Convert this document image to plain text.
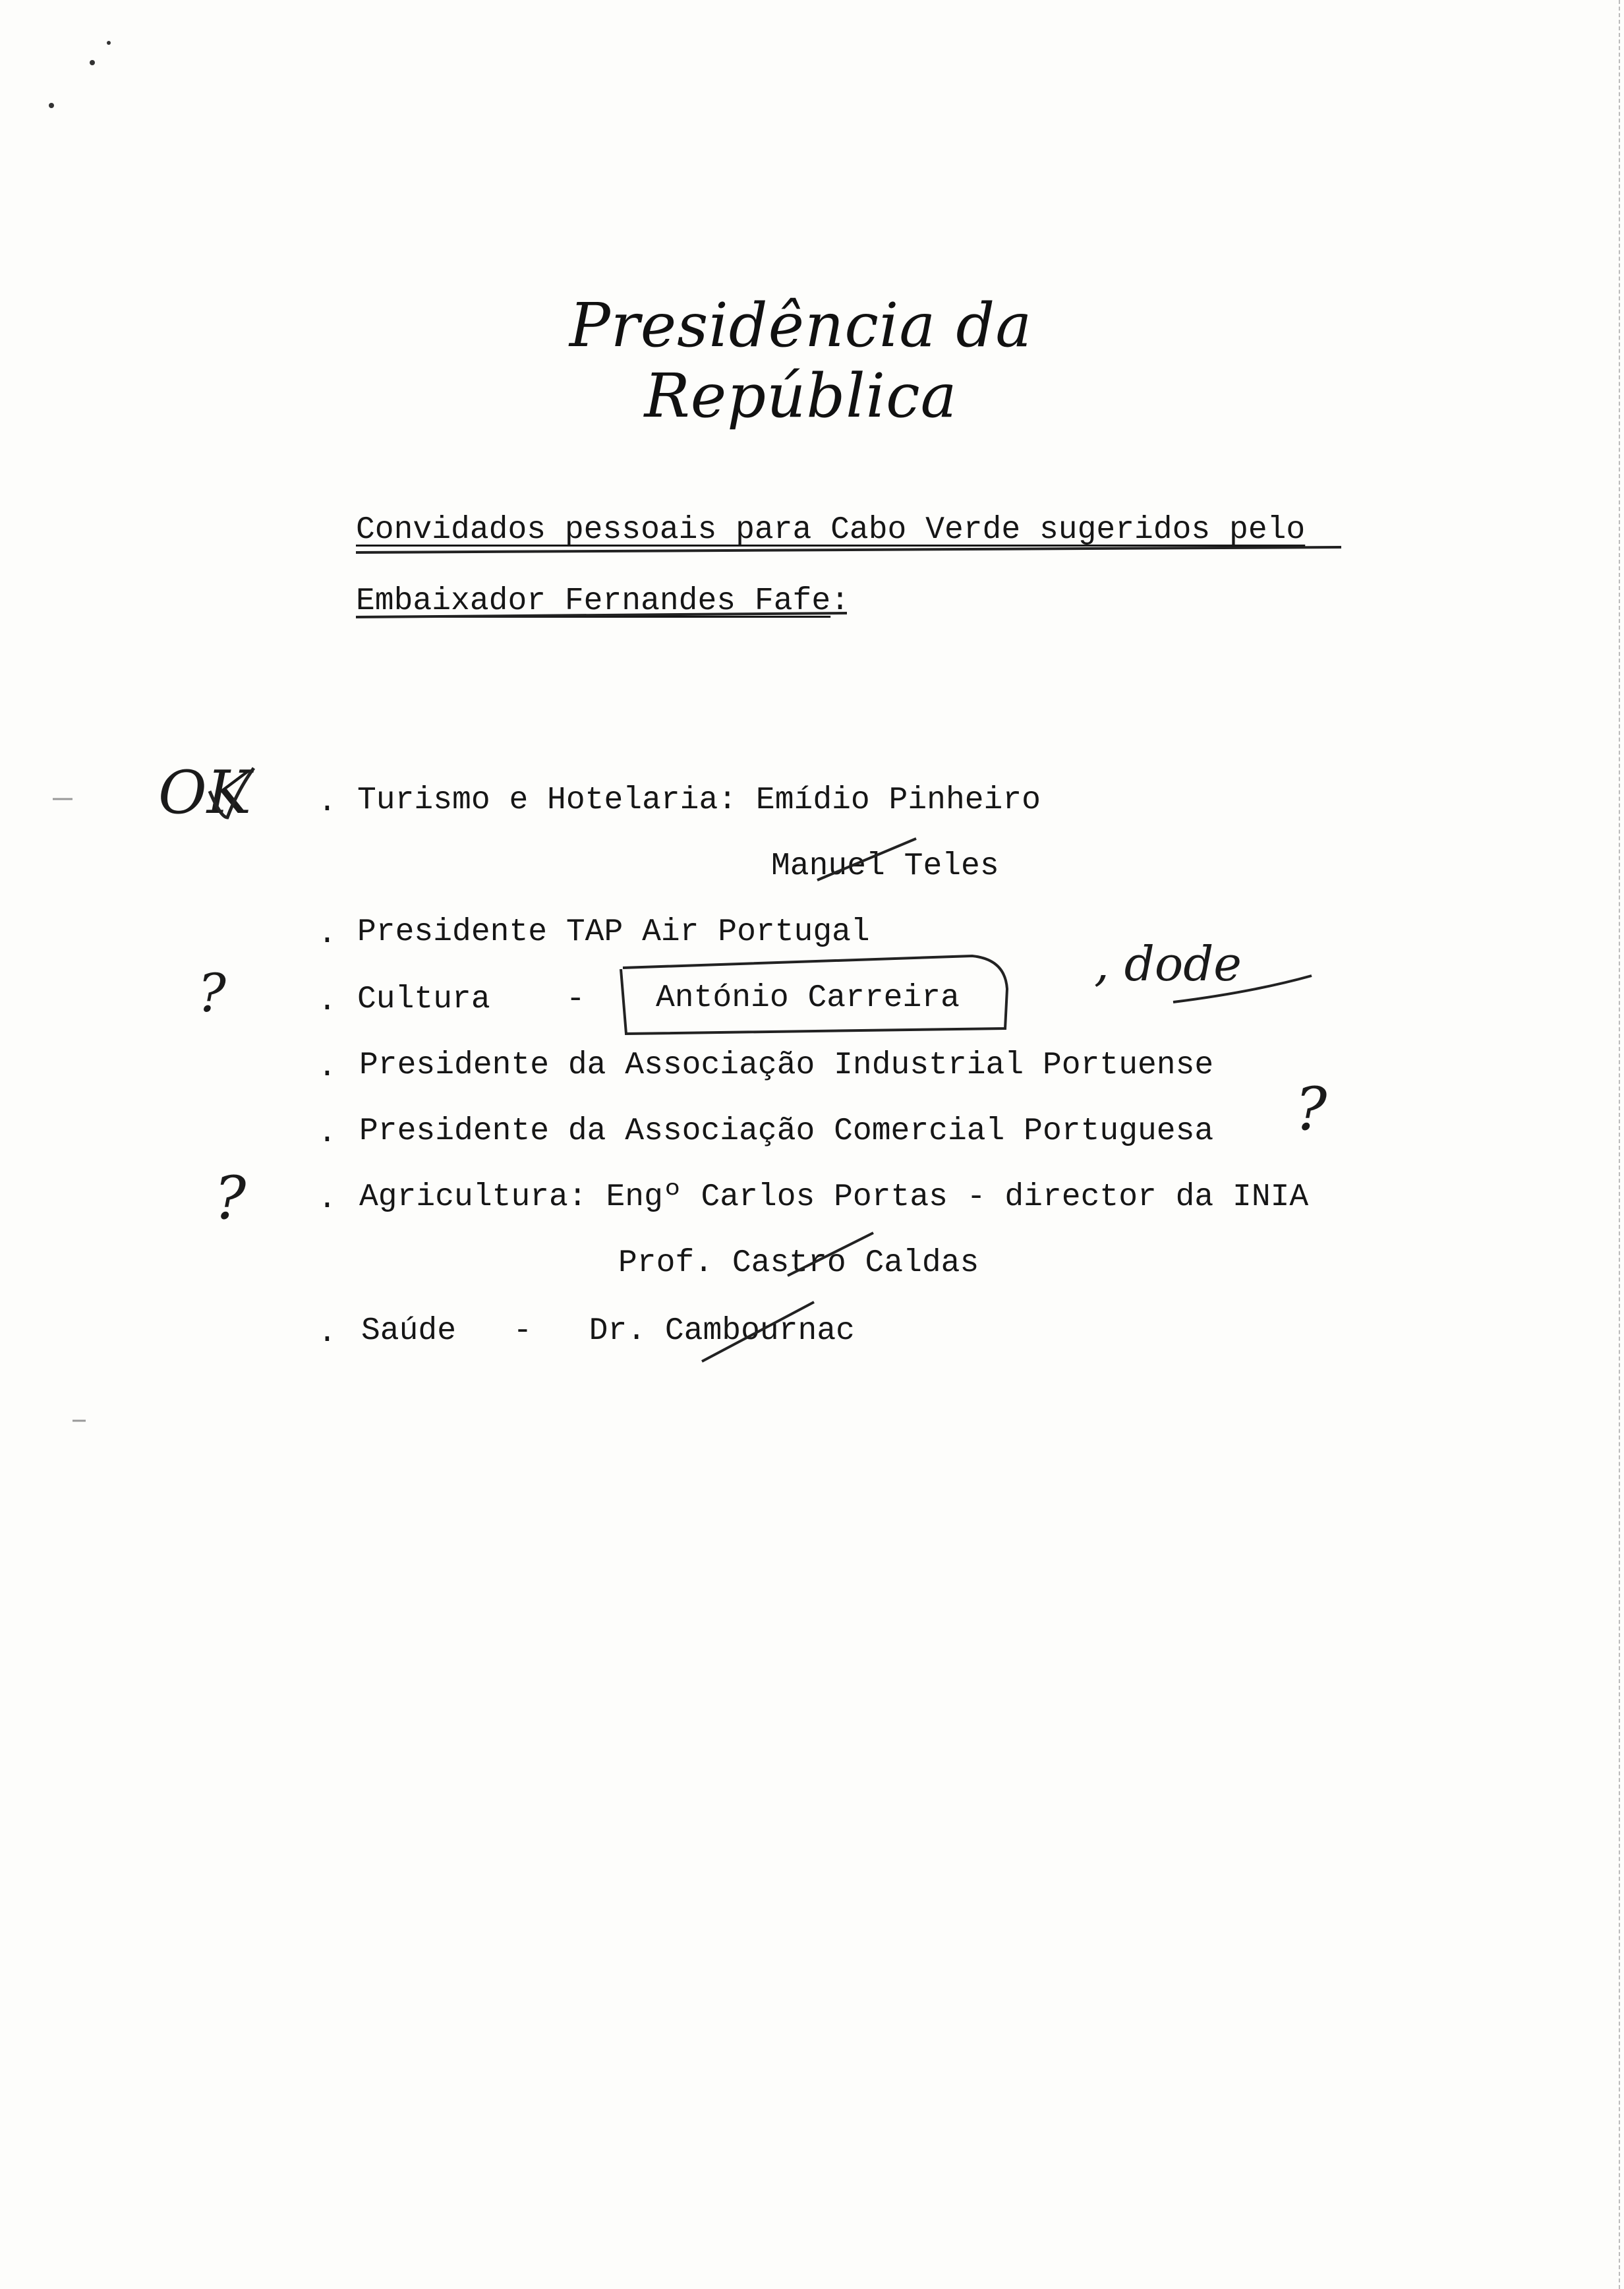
Presidência da República
Convidados pessoais para Cabo Verde sugeridos pelo
Embaixador Fernandes Fafe:
. Turismo e Hotelaria: Emídio Pinheiro
Manuel Teles
. Presidente TAP Air Portugal
. Cultura    - António Carreira
. Presidente da Associação Industrial Portuense
. Presidente da Associação Comercial Portuguesa
. Agricultura: Engº Carlos Portas - director da INIA
Prof. Castro Caldas
. Saúde   -   Dr. Cambournac
OK
?
?
?
, dode
